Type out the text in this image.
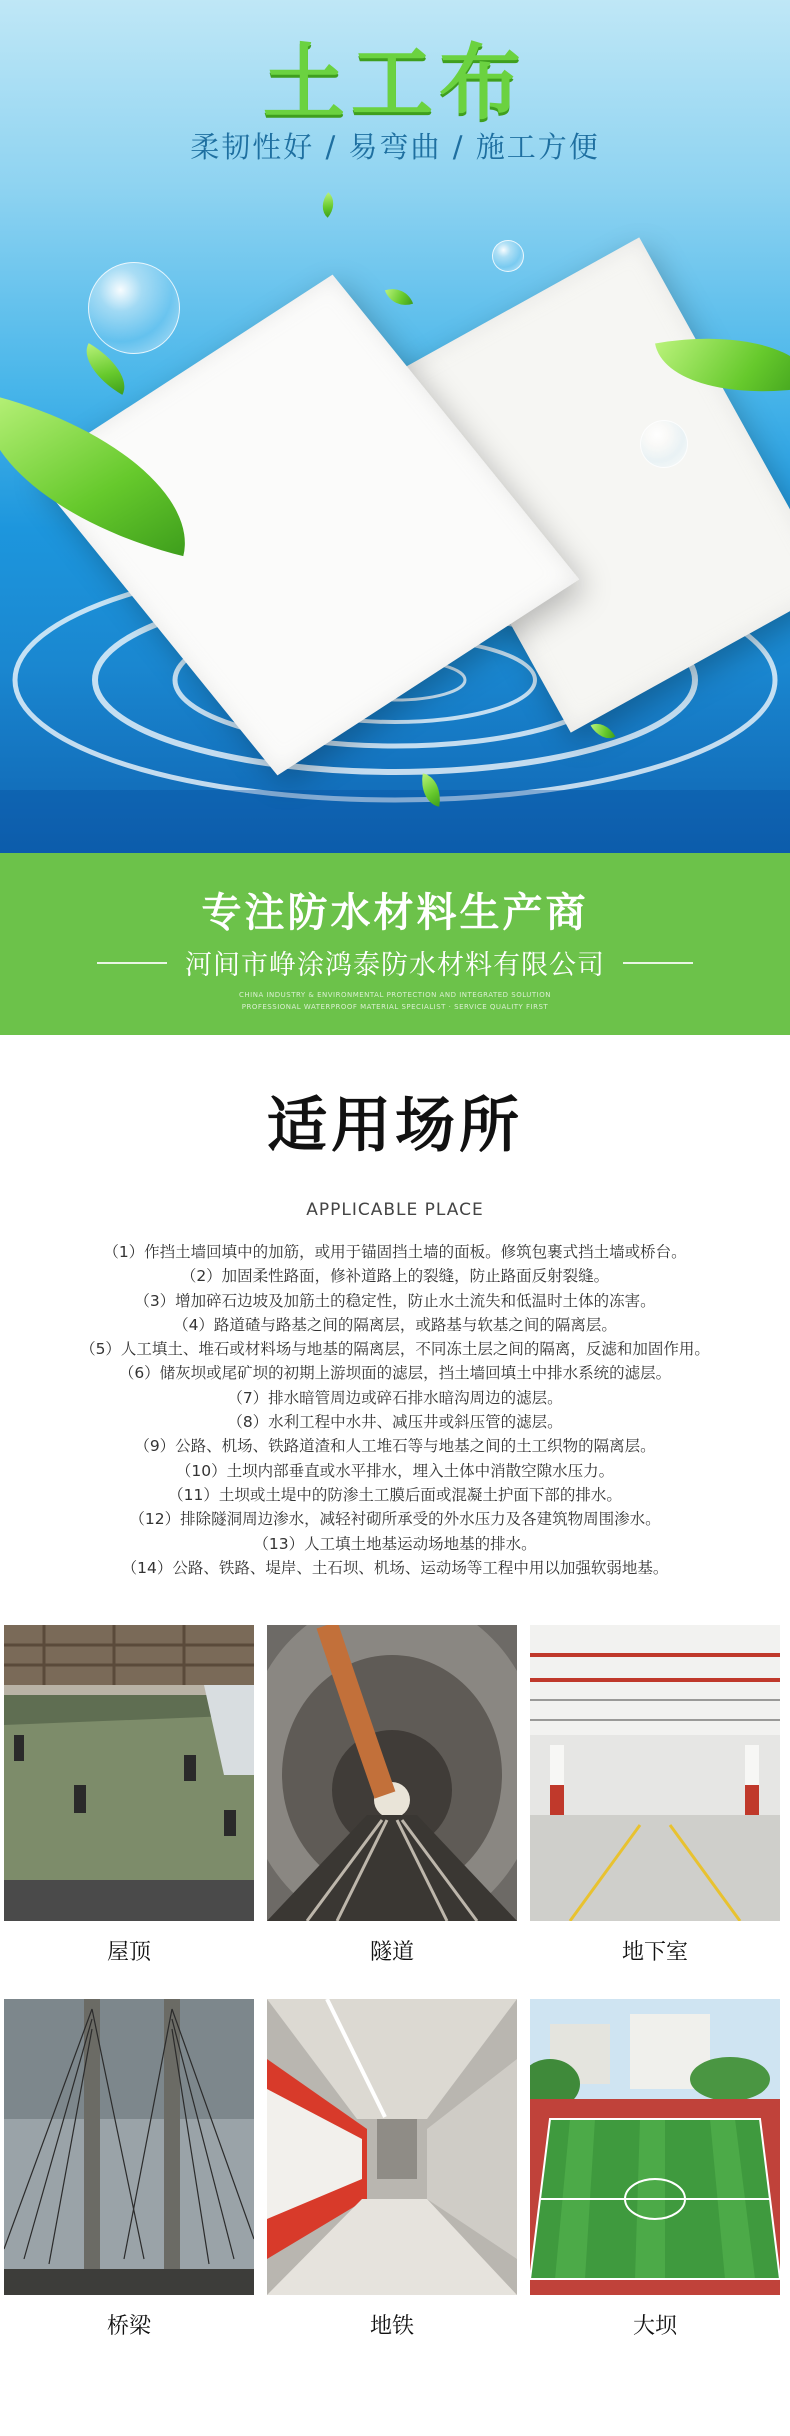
土工布
柔韧性好 / 易弯曲 / 施工方便
专注防水材料生产商
河间市峥涂鸿泰防水材料有限公司
CHINA INDUSTRY & ENVIRONMENTAL PROTECTION AND INTEGRATED SOLUTION
PROFESSIONAL WATERPROOF MATERIAL SPECIALIST · SERVICE QUALITY FIRST
适用场所
APPLICABLE PLACE
（1）作挡土墙回填中的加筋，或用于锚固挡土墙的面板。修筑包裹式挡土墙或桥台。
（2）加固柔性路面，修补道路上的裂缝，防止路面反射裂缝。
（3）增加碎石边坡及加筋土的稳定性，防止水土流失和低温时土体的冻害。
（4）路道碴与路基之间的隔离层，或路基与软基之间的隔离层。
（5）人工填土、堆石或材料场与地基的隔离层，不同冻土层之间的隔离，反滤和加固作用。
（6）储灰坝或尾矿坝的初期上游坝面的滤层，挡土墙回填土中排水系统的滤层。
（7）排水暗管周边或碎石排水暗沟周边的滤层。
（8）水利工程中水井、减压井或斜压管的滤层。
（9）公路、机场、铁路道渣和人工堆石等与地基之间的土工织物的隔离层。
（10）土坝内部垂直或水平排水，埋入土体中消散空隙水压力。
（11）土坝或土堤中的防渗土工膜后面或混凝土护面下部的排水。
（12）排除隧洞周边渗水，减轻衬砌所承受的外水压力及各建筑物周围渗水。
（13）人工填土地基运动场地基的排水。
（14）公路、铁路、堤岸、土石坝、机场、运动场等工程中用以加强软弱地基。
屋顶	隧道	地下室
桥梁	地铁	大坝
